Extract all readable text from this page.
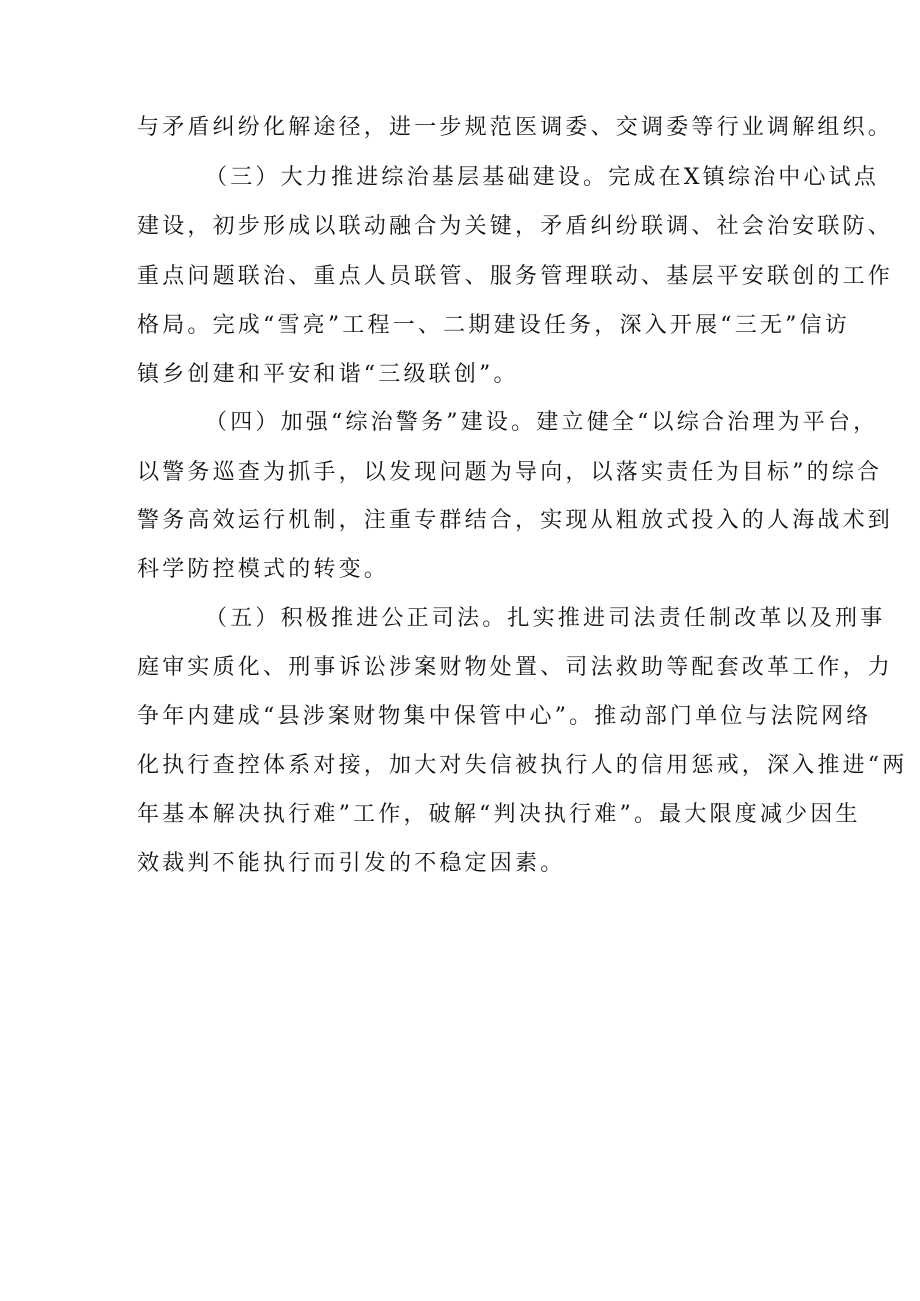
与矛盾纠纷化解途径，进一步规范医调委、交调委等行业调解组织。
（三）大力推进综治基层基础建设。完成在X镇综治中心试点
建设，初步形成以联动融合为关键，矛盾纠纷联调、社会治安联防、
重点问题联治、重点人员联管、服务管理联动、基层平安联创的工作
格局。完成“雪亮”工程一、二期建设任务，深入开展“三无”信访
镇乡创建和平安和谐“三级联创”。
（四）加强“综治警务”建设。建立健全“以综合治理为平台，
以警务巡查为抓手，以发现问题为导向，以落实责任为目标”的综合
警务高效运行机制，注重专群结合，实现从粗放式投入的人海战术到
科学防控模式的转变。
（五）积极推进公正司法。扎实推进司法责任制改革以及刑事
庭审实质化、刑事诉讼涉案财物处置、司法救助等配套改革工作，力
争年内建成“县涉案财物集中保管中心”。推动部门单位与法院网络
化执行查控体系对接，加大对失信被执行人的信用惩戒，深入推进“两
年基本解决执行难”工作，破解“判决执行难”。最大限度减少因生
效裁判不能执行而引发的不稳定因素。
